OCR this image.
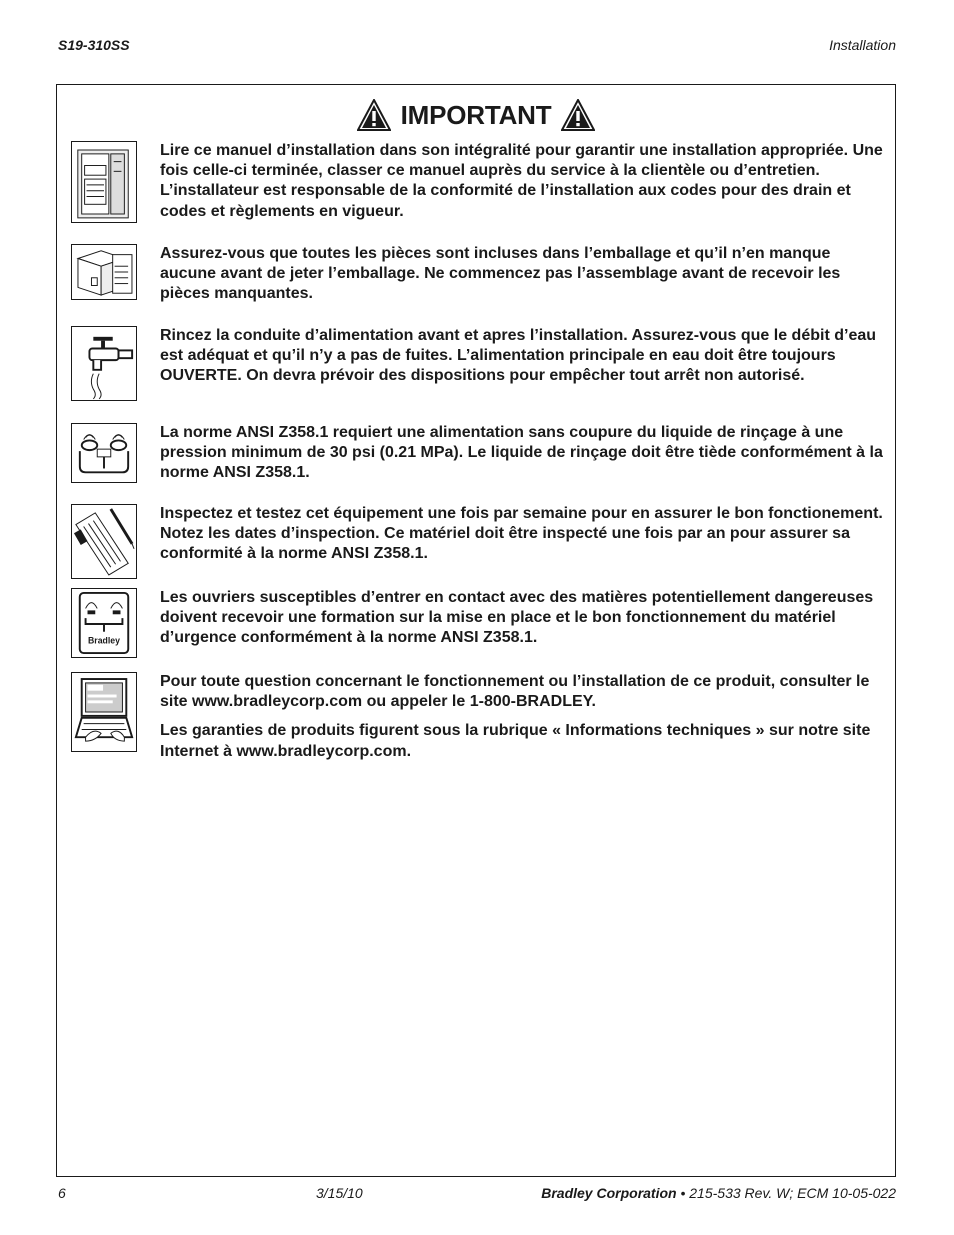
S19-310SS	Installation
IMPORTANT

Lire ce manuel d’installation dans son intégralité pour garantir une installation appropriée. Une fois celle-ci terminée, classer ce manuel auprès du service à la clientèle ou d’entretien. L’installateur est responsable de la conformité de l’installation aux codes pour des drain et codes et règlements en vigueur.

Assurez-vous que toutes les pièces sont incluses dans l’emballage et qu’il n’en manque aucune avant de jeter l’emballage. Ne commencez pas l’assemblage avant de recevoir les pièces manquantes.

Rincez la conduite d’alimentation avant et apres l’installation. Assurez-vous que le débit d’eau est adéquat et qu’il n’y a pas de fuites. L’alimentation principale en eau doit être toujours OUVERTE. On devra prévoir des dispositions pour empêcher tout arrêt non autorisé.

La norme ANSI Z358.1 requiert une alimentation sans coupure du liquide de rinçage à une pression minimum de 30 psi (0.21 MPa). Le liquide de rinçage doit être tiède conformément à la norme ANSI Z358.1.

Inspectez et testez cet équipement une fois par semaine pour en assurer le bon fonctionement. Notez les dates d’inspection. Ce matériel doit être inspecté une fois par an pour assurer sa conformité à la norme ANSI Z358.1.

Bradley

Les ouvriers susceptibles d’entrer en contact avec des matières potentiellement dangereuses doivent recevoir une formation sur la mise en place et le bon fonctionnement du matériel d’urgence conformément à la norme ANSI Z358.1.

Pour toute question concernant le fonctionnement ou l’installation de ce produit, consulter le site www.bradleycorp.com ou appeler le 1-800-BRADLEY.

Les garanties de produits figurent sous la rubrique « Informations techniques » sur notre site Internet à www.bradleycorp.com.

6	3/15/10	Bradley Corporation • 215-533 Rev. W; ECM 10-05-022
